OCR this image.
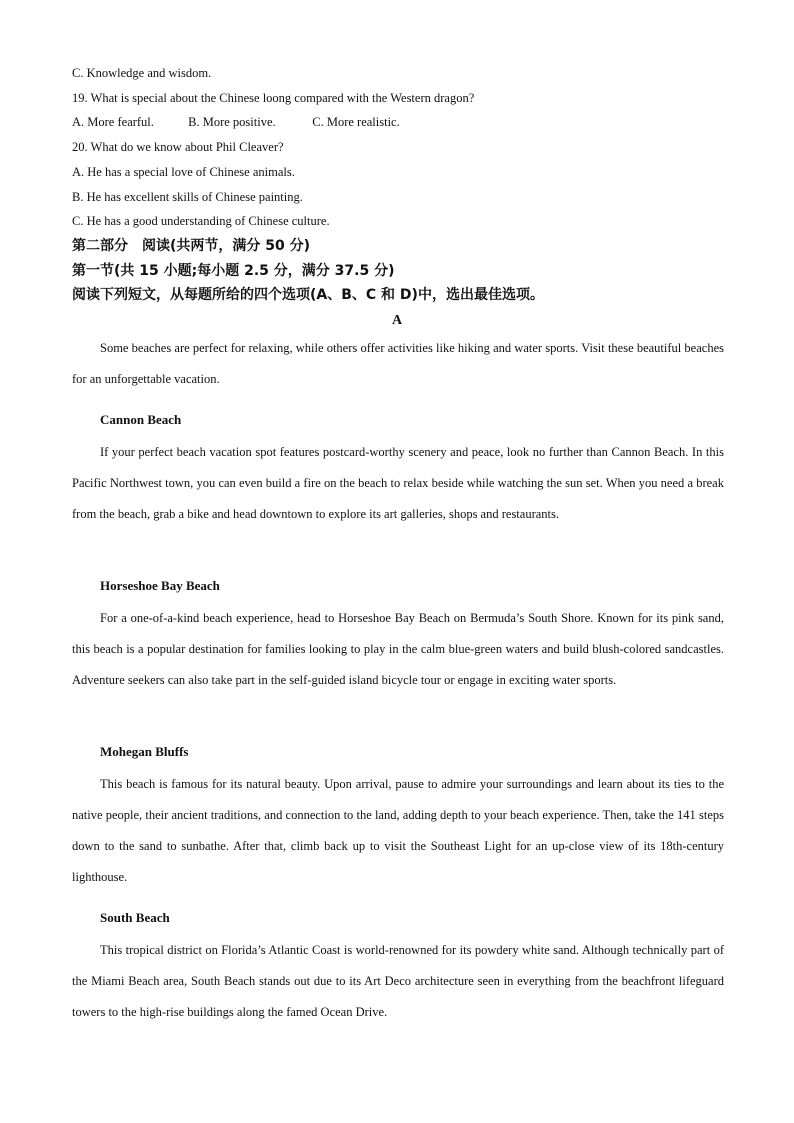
C. Knowledge and wisdom.
19. What is special about the Chinese loong compared with the Western dragon?
A. More fearful.	B. More positive.	C. More realistic.
20. What do we know about Phil Cleaver?
A. He has a special love of Chinese animals.
B. He has excellent skills of Chinese painting.
C. He has a good understanding of Chinese culture.
第二部分　阅读(共两节，满分 50 分)
第一节(共 15 小题;每小题 2.5 分，满分 37.5 分)
阅读下列短文，从每题所给的四个选项(A、B、C 和 D)中，选出最佳选项。
A
Some beaches are perfect for relaxing, while others offer activities like hiking and water sports. Visit these beautiful beaches for an unforgettable vacation.
Cannon Beach
If your perfect beach vacation spot features postcard-worthy scenery and peace, look no further than Cannon Beach. In this Pacific Northwest town, you can even build a fire on the beach to relax beside while watching the sun set. When you need a break from the beach, grab a bike and head downtown to explore its art galleries, shops and restaurants.
Horseshoe Bay Beach
For a one-of-a-kind beach experience, head to Horseshoe Bay Beach on Bermuda’s South Shore. Known for its pink sand, this beach is a popular destination for families looking to play in the calm blue-green waters and build blush-colored sandcastles. Adventure seekers can also take part in the self-guided island bicycle tour or engage in exciting water sports.
Mohegan Bluffs
This beach is famous for its natural beauty. Upon arrival, pause to admire your surroundings and learn about its ties to the native people, their ancient traditions, and connection to the land, adding depth to your beach experience. Then, take the 141 steps down to the sand to sunbathe. After that, climb back up to visit the Southeast Light for an up-close view of its 18th-century lighthouse.
South Beach
This tropical district on Florida’s Atlantic Coast is world-renowned for its powdery white sand. Although technically part of the Miami Beach area, South Beach stands out due to its Art Deco architecture seen in everything from the beachfront lifeguard towers to the high-rise buildings along the famed Ocean Drive.
